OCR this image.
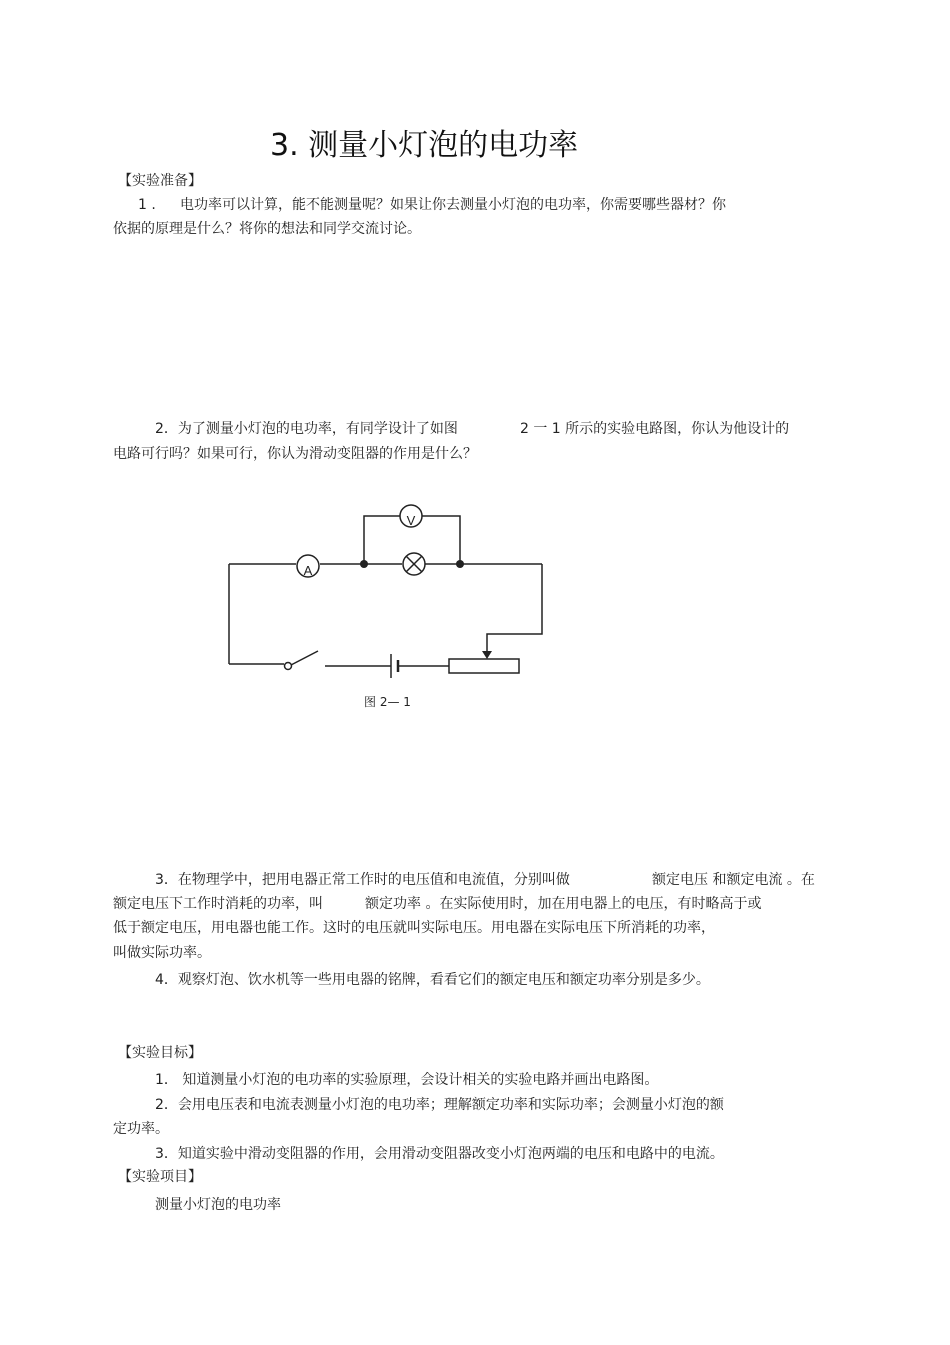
3. 测量小灯泡的电功率
【实验准备】
1 . 电功率可以计算，能不能测量呢？如果让你去测量小灯泡的电功率，你需要哪些器材？你
依据的原理是什么？将你的想法和同学交流讨论。
2．为了测量小灯泡的电功率，有同学设计了如图	2 一 1 所示的实验电路图，你认为他设计的
电路可行吗？如果可行，你认为滑动变阻器的作用是什么？
V
A
图 2— 1
3．在物理学中，把用电器正常工作时的电压值和电流值，分别叫做	额定电压 和额定电流 。在
额定电压下工作时消耗的功率，叫	额定功率 。在实际使用时，加在用电器上的电压，有时略高于或
低于额定电压，用电器也能工作。这时的电压就叫实际电压。用电器在实际电压下所消耗的功率，
叫做实际功率。
4．观察灯泡、饮水机等一些用电器的铭牌，看看它们的额定电压和额定功率分别是多少。
【实验目标】
1． 知道测量小灯泡的电功率的实验原理，会设计相关的实验电路并画出电路图。
2．会用电压表和电流表测量小灯泡的电功率；理解额定功率和实际功率；会测量小灯泡的额
定功率。
3．知道实验中滑动变阻器的作用，会用滑动变阻器改变小灯泡两端的电压和电路中的电流。
【实验项目】
测量小灯泡的电功率
